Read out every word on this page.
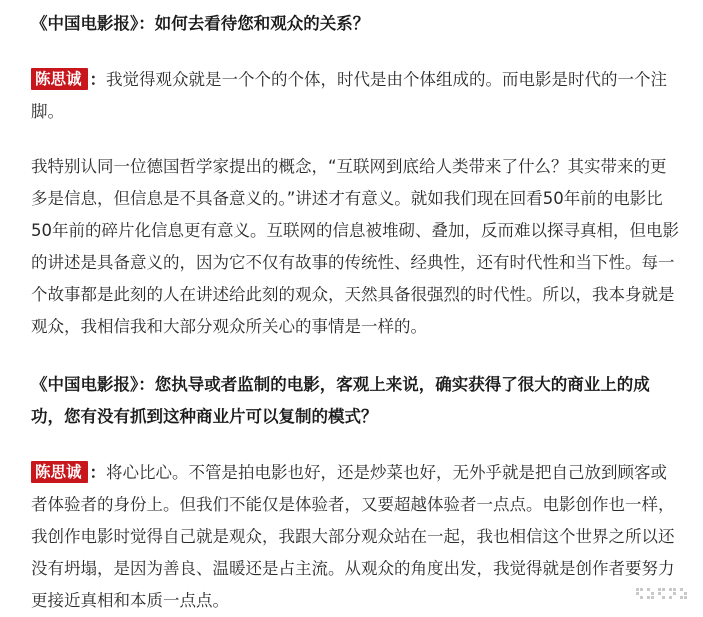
《中国电影报》：如何去看待您和观众的关系？

陈思诚 ：我觉得观众就是一个个的个体，时代是由个体组成的。而电影是时代的一个注脚。

我特别认同一位德国哲学家提出的概念，“互联网到底给人类带来了什么？其实带来的更多是信息，但信息是不具备意义的。”讲述才有意义。就如我们现在回看50年前的电影比50年前的碎片化信息更有意义。互联网的信息被堆砌、叠加，反而难以探寻真相，但电影的讲述是具备意义的，因为它不仅有故事的传统性、经典性，还有时代性和当下性。每一个故事都是此刻的人在讲述给此刻的观众，天然具备很强烈的时代性。所以，我本身就是观众，我相信我和大部分观众所关心的事情是一样的。

《中国电影报》：您执导或者监制的电影，客观上来说，确实获得了很大的商业上的成功，您有没有抓到这种商业片可以复制的模式？

陈思诚 ：将心比心。不管是拍电影也好，还是炒菜也好，无外乎就是把自己放到顾客或者体验者的身份上。但我们不能仅是体验者，又要超越体验者一点点。电影创作也一样，我创作电影时觉得自己就是观众，我跟大部分观众站在一起，我也相信这个世界之所以还没有坍塌，是因为善良、温暖还是占主流。从观众的角度出发，我觉得就是创作者要努力更接近真相和本质一点点。
